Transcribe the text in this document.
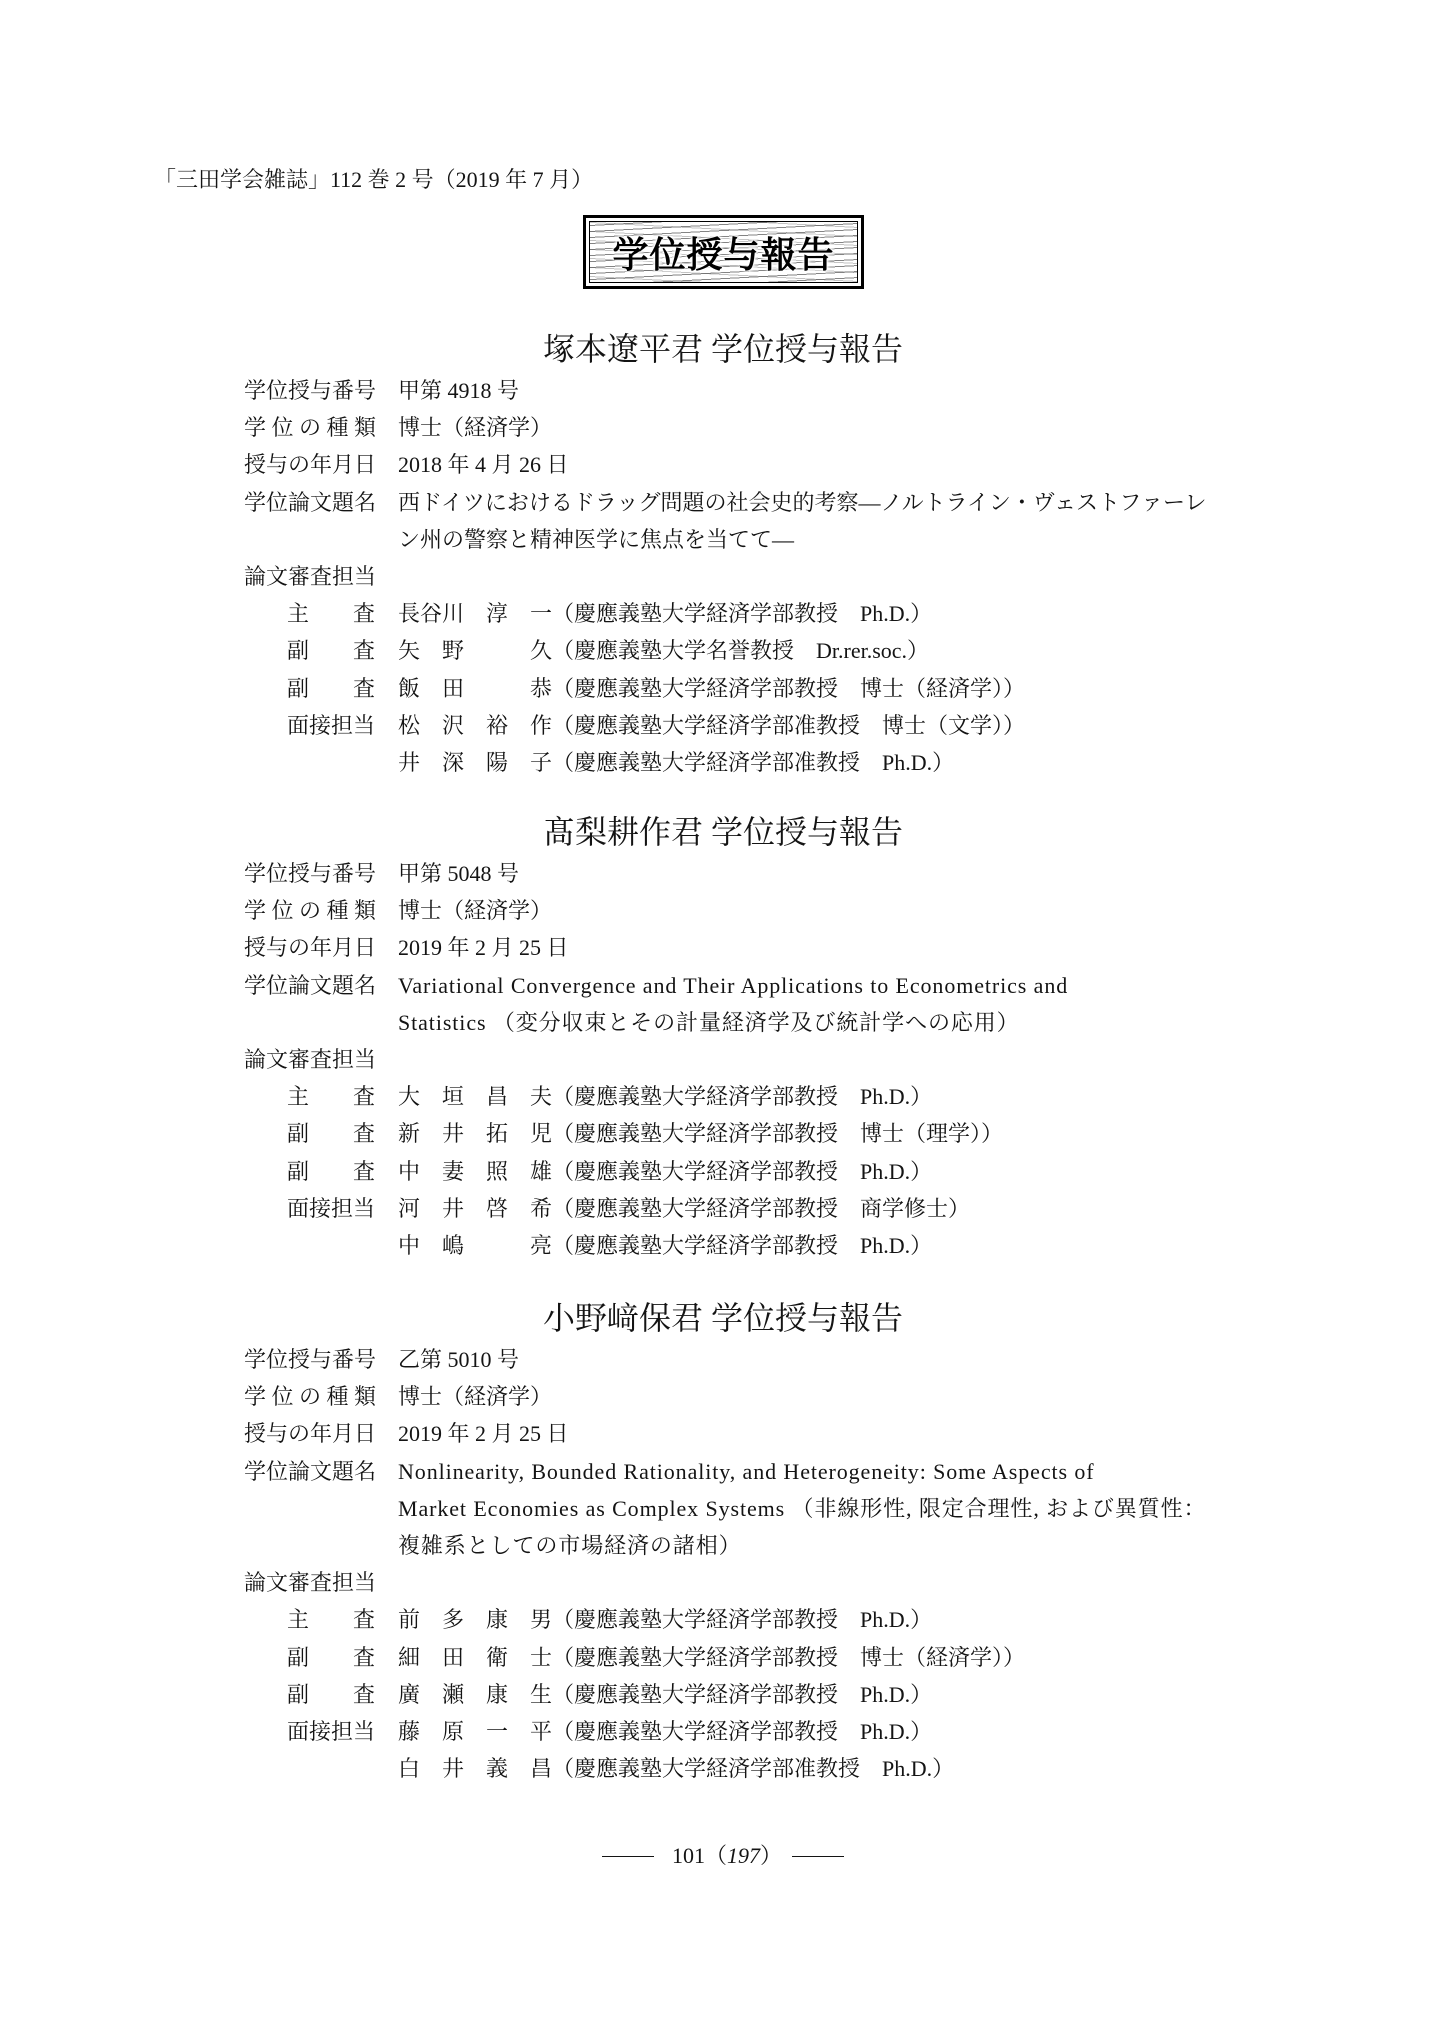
「三田学会雑誌」112 巻 2 号（2019 年 7 月）
学位授与報告
塚本遼平君 学位授与報告
学位授与番号 甲第 4918 号
学位の種類 博士（経済学）
授与の年月日 2018 年 4 月 26 日
学位論文題名 西ドイツにおけるドラッグ問題の社会史的考察―ノルトライン・ヴェストファーレ
ン州の警察と精神医学に焦点を当てて―
論文審査担当
主　　査 長谷川　淳　一 （慶應義塾大学経済学部教授　Ph.D.）
副　　査 矢　野　　　久 （慶應義塾大学名誉教授　Dr.rer.soc.）
副　　査 飯　田　　　恭 （慶應義塾大学経済学部教授　博士（経済学））
面接担当 松　沢　裕　作 （慶應義塾大学経済学部准教授　博士（文学））
井　深　陽　子 （慶應義塾大学経済学部准教授　Ph.D.）
髙梨耕作君 学位授与報告
学位授与番号 甲第 5048 号
学位の種類 博士（経済学）
授与の年月日 2019 年 2 月 25 日
学位論文題名 Variational Convergence and Their Applications to Econometrics and
Statistics （変分収束とその計量経済学及び統計学への応用）
論文審査担当
主　　査 大　垣　昌　夫 （慶應義塾大学経済学部教授　Ph.D.）
副　　査 新　井　拓　児 （慶應義塾大学経済学部教授　博士（理学））
副　　査 中　妻　照　雄 （慶應義塾大学経済学部教授　Ph.D.）
面接担当 河　井　啓　希 （慶應義塾大学経済学部教授　商学修士）
中　嶋　　　亮 （慶應義塾大学経済学部教授　Ph.D.）
小野﨑保君 学位授与報告
学位授与番号 乙第 5010 号
学位の種類 博士（経済学）
授与の年月日 2019 年 2 月 25 日
学位論文題名 Nonlinearity, Bounded Rationality, and Heterogeneity: Some Aspects of
Market Economies as Complex Systems （非線形性, 限定合理性, および異質性：
複雑系としての市場経済の諸相）
論文審査担当
主　　査 前　多　康　男 （慶應義塾大学経済学部教授　Ph.D.）
副　　査 細　田　衛　士 （慶應義塾大学経済学部教授　博士（経済学））
副　　査 廣　瀬　康　生 （慶應義塾大学経済学部教授　Ph.D.）
面接担当 藤　原　一　平 （慶應義塾大学経済学部教授　Ph.D.）
白　井　義　昌 （慶應義塾大学経済学部准教授　Ph.D.）
101 （ 197 ）
